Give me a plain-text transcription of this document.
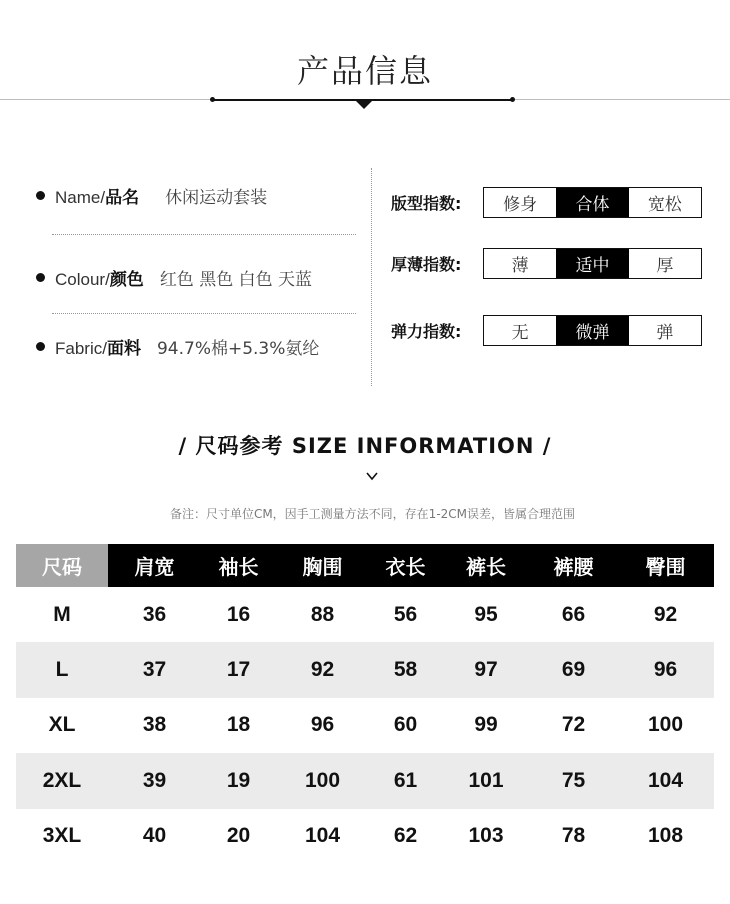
产品信息
Name/品名 休闲运动套装
Colour/颜色 红色 黑色 白色 天蓝
Fabric/面料 94.7%棉+5.3%氨纶
版型指数:	修身	合体	宽松
厚薄指数:	薄	适中	厚
弹力指数:	无	微弹	弹
/ 尺码参考 SIZE INFORMATION /
备注：尺寸单位CM，因手工测量方法不同，存在1-2CM误差，皆属合理范围
尺码	肩宽	袖长	胸围	衣长	裤长	裤腰	臀围
M	36	16	88	56	95	66	92
L	37	17	92	58	97	69	96
XL	38	18	96	60	99	72	100
2XL	39	19	100	61	101	75	104
3XL	40	20	104	62	103	78	108
